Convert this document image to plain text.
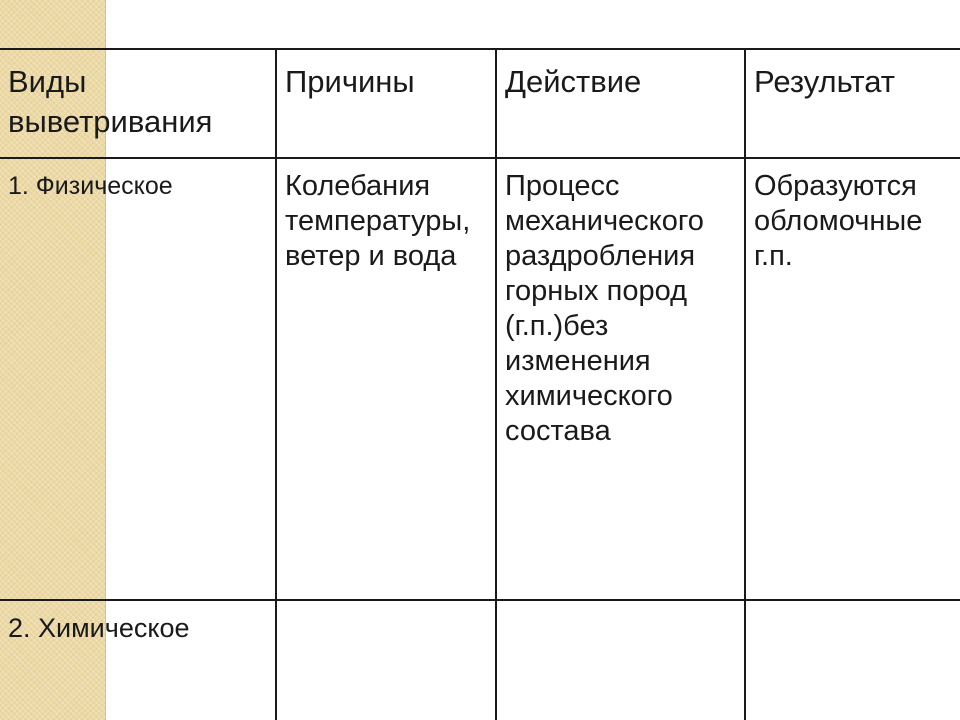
Виды выветривания	Причины	Действие	Результат

1. Физическое	Колебания температуры, ветер и вода	Процесс механического раздробления горных пород (г.п.)без изменения химического состава	Образуются обломочные г.п.

2. Химическое			
